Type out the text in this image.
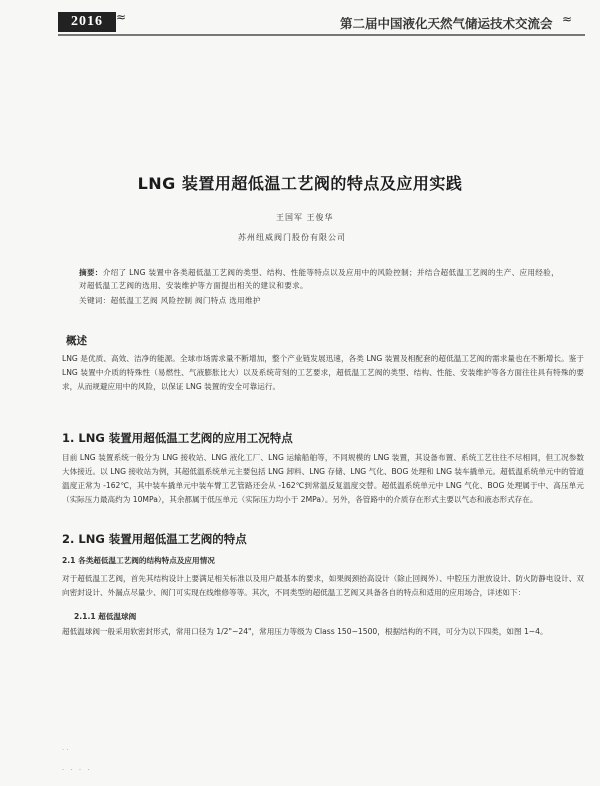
2016	≈	第二届中国液化天然气储运技术交流会 ≈
LNG 装置用超低温工艺阀的特点及应用实践
王国军 王俊华
苏州纽威阀门股份有限公司
摘要：介绍了 LNG 装置中各类超低温工艺阀的类型、结构、性能等特点以及应用中的风险控制；并结合超低温工艺阀的生产、应用经验，对超低温工艺阀的选用、安装维护等方面提出相关的建议和要求。
关键词：超低温工艺阀 风险控制 阀门特点 选用维护
概述

LNG 是优质、高效、洁净的能源。全球市场需求量不断增加，整个产业链发展迅速，各类 LNG 装置及相配套的超低温工艺阀的需求量也在不断增长。鉴于 LNG 装置中介质的特殊性（易燃性、气液膨胀比大）以及系统苛刻的工艺要求，超低温工艺阀的类型、结构、性能、安装维护等各方面往往具有特殊的要求，从而规避应用中的风险，以保证 LNG 装置的安全可靠运行。

1. LNG 装置用超低温工艺阀的应用工况特点

目前 LNG 装置系统一般分为 LNG 接收站、LNG 液化工厂、LNG 运输船舶等，不同规模的 LNG 装置，其设备布置、系统工艺往往不尽相同，但工况参数大体接近。以 LNG 接收站为例，其超低温系统单元主要包括 LNG 卸料、LNG 存储、LNG 气化、BOG 处理和 LNG 装车撬单元。超低温系统单元中的管道温度正常为 -162℃，其中装车撬单元中装车臂工艺管路还会从 -162℃到常温反复温度交替。超低温系统单元中 LNG 气化、BOG 处理属于中、高压单元（实际压力最高约为 10MPa），其余都属于低压单元（实际压力均小于 2MPa）。另外，各管路中的介质存在形式主要以气态和液态形式存在。

2. LNG 装置用超低温工艺阀的特点
2.1 各类超低温工艺阀的结构特点及应用情况

对于超低温工艺阀，首先其结构设计上要满足相关标准以及用户最基本的要求，如果阀颈抬高设计（除止回阀外）、中腔压力泄放设计、防火防静电设计、双向密封设计、外漏点尽量少、阀门可实现在线维修等等。其次，不同类型的超低温工艺阀又具备各自的特点和适用的应用场合，详述如下：

2.1.1 超低温球阀

超低温球阀一般采用软密封形式，常用口径为 1/2"~24"，常用压力等级为 Class 150~1500，根据结构的不同，可分为以下四类，如图 1~4。

· ·
· · · ·
